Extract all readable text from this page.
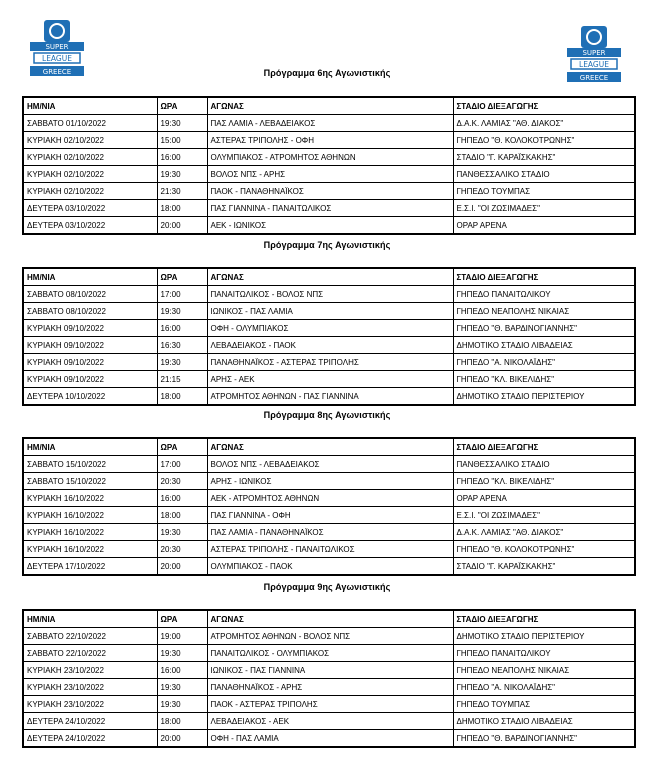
SUPER
LEAGUE
GREECE
SUPER
LEAGUE
GREECE
Πρόγραμμα 6ης Αγωνιστικής
ΗΜ/ΝΙΑ	ΩΡΑ	ΑΓΩΝΑΣ	ΣΤΑΔΙΟ ΔΙΕΞΑΓΩΓΗΣ
ΣΑΒΒΑΤΟ 01/10/2022	19:30	ΠΑΣ ΛΑΜΙΑ - ΛΕΒΑΔΕΙΑΚΟΣ	Δ.Α.Κ. ΛΑΜΙΑΣ "ΑΘ. ΔΙΑΚΟΣ"
ΚΥΡΙΑΚΗ 02/10/2022	15:00	ΑΣΤΕΡΑΣ ΤΡΙΠΟΛΗΣ - ΟΦΗ	ΓΗΠΕΔΟ "Θ. ΚΟΛΟΚΟΤΡΩΝΗΣ"
ΚΥΡΙΑΚΗ 02/10/2022	16:00	ΟΛΥΜΠΙΑΚΟΣ - ΑΤΡΟΜΗΤΟΣ ΑΘΗΝΩΝ	ΣΤΑΔΙΟ "Γ. ΚΑΡΑΪΣΚΑΚΗΣ"
ΚΥΡΙΑΚΗ 02/10/2022	19:30	ΒΟΛΟΣ ΝΠΣ - ΑΡΗΣ	ΠΑΝΘΕΣΣΑΛΙΚΟ ΣΤΑΔΙΟ
ΚΥΡΙΑΚΗ 02/10/2022	21:30	ΠΑΟΚ - ΠΑΝΑΘΗΝΑΪΚΟΣ	ΓΗΠΕΔΟ ΤΟΥΜΠΑΣ
ΔΕΥΤΕΡΑ 03/10/2022	18:00	ΠΑΣ ΓΙΑΝΝΙΝΑ - ΠΑΝΑΙΤΩΛΙΚΟΣ	Ε.Σ.Ι. "ΟΙ ΖΩΣΙΜΑΔΕΣ"
ΔΕΥΤΕΡΑ 03/10/2022	20:00	ΑΕΚ - ΙΩΝΙΚΟΣ	ΟΡΑΡ ΑΡΕΝΑ
Πρόγραμμα 7ης Αγωνιστικής
ΗΜ/ΝΙΑ	ΩΡΑ	ΑΓΩΝΑΣ	ΣΤΑΔΙΟ ΔΙΕΞΑΓΩΓΗΣ
ΣΑΒΒΑΤΟ 08/10/2022	17:00	ΠΑΝΑΙΤΩΛΙΚΟΣ - ΒΟΛΟΣ ΝΠΣ	ΓΗΠΕΔΟ ΠΑΝΑΙΤΩΛΙΚΟΥ
ΣΑΒΒΑΤΟ 08/10/2022	19:30	ΙΩΝΙΚΟΣ - ΠΑΣ ΛΑΜΙΑ	ΓΗΠΕΔΟ ΝΕΑΠΟΛΗΣ ΝΙΚΑΙΑΣ
ΚΥΡΙΑΚΗ 09/10/2022	16:00	ΟΦΗ - ΟΛΥΜΠΙΑΚΟΣ	ΓΗΠΕΔΟ "Θ. ΒΑΡΔΙΝΟΓΙΑΝΝΗΣ"
ΚΥΡΙΑΚΗ 09/10/2022	16:30	ΛΕΒΑΔΕΙΑΚΟΣ - ΠΑΟΚ	ΔΗΜΟΤΙΚΟ ΣΤΑΔΙΟ ΛΙΒΑΔΕΙΑΣ
ΚΥΡΙΑΚΗ 09/10/2022	19:30	ΠΑΝΑΘΗΝΑΪΚΟΣ - ΑΣΤΕΡΑΣ ΤΡΙΠΟΛΗΣ	ΓΗΠΕΔΟ "Α. ΝΙΚΟΛΑΪΔΗΣ"
ΚΥΡΙΑΚΗ 09/10/2022	21:15	ΑΡΗΣ - ΑΕΚ	ΓΗΠΕΔΟ "ΚΛ. ΒΙΚΕΛΙΔΗΣ"
ΔΕΥΤΕΡΑ 10/10/2022	18:00	ΑΤΡΟΜΗΤΟΣ ΑΘΗΝΩΝ - ΠΑΣ ΓΙΑΝΝΙΝΑ	ΔΗΜΟΤΙΚΟ ΣΤΑΔΙΟ ΠΕΡΙΣΤΕΡΙΟΥ
Πρόγραμμα 8ης Αγωνιστικής
ΗΜ/ΝΙΑ	ΩΡΑ	ΑΓΩΝΑΣ	ΣΤΑΔΙΟ ΔΙΕΞΑΓΩΓΗΣ
ΣΑΒΒΑΤΟ 15/10/2022	17:00	ΒΟΛΟΣ ΝΠΣ - ΛΕΒΑΔΕΙΑΚΟΣ	ΠΑΝΘΕΣΣΑΛΙΚΟ ΣΤΑΔΙΟ
ΣΑΒΒΑΤΟ 15/10/2022	20:30	ΑΡΗΣ - ΙΩΝΙΚΟΣ	ΓΗΠΕΔΟ "ΚΛ. ΒΙΚΕΛΙΔΗΣ"
ΚΥΡΙΑΚΗ 16/10/2022	16:00	ΑΕΚ - ΑΤΡΟΜΗΤΟΣ ΑΘΗΝΩΝ	ΟΡΑΡ ΑΡΕΝΑ
ΚΥΡΙΑΚΗ 16/10/2022	18:00	ΠΑΣ ΓΙΑΝΝΙΝΑ - ΟΦΗ	Ε.Σ.Ι. "ΟΙ ΖΩΣΙΜΑΔΕΣ"
ΚΥΡΙΑΚΗ 16/10/2022	19:30	ΠΑΣ ΛΑΜΙΑ - ΠΑΝΑΘΗΝΑΪΚΟΣ	Δ.Α.Κ. ΛΑΜΙΑΣ "ΑΘ. ΔΙΑΚΟΣ"
ΚΥΡΙΑΚΗ 16/10/2022	20:30	ΑΣΤΕΡΑΣ ΤΡΙΠΟΛΗΣ - ΠΑΝΑΙΤΩΛΙΚΟΣ	ΓΗΠΕΔΟ "Θ. ΚΟΛΟΚΟΤΡΩΝΗΣ"
ΔΕΥΤΕΡΑ 17/10/2022	20:00	ΟΛΥΜΠΙΑΚΟΣ - ΠΑΟΚ	ΣΤΑΔΙΟ "Γ. ΚΑΡΑΪΣΚΑΚΗΣ"
Πρόγραμμα 9ης Αγωνιστικής
ΗΜ/ΝΙΑ	ΩΡΑ	ΑΓΩΝΑΣ	ΣΤΑΔΙΟ ΔΙΕΞΑΓΩΓΗΣ
ΣΑΒΒΑΤΟ 22/10/2022	19:00	ΑΤΡΟΜΗΤΟΣ ΑΘΗΝΩΝ - ΒΟΛΟΣ ΝΠΣ	ΔΗΜΟΤΙΚΟ ΣΤΑΔΙΟ ΠΕΡΙΣΤΕΡΙΟΥ
ΣΑΒΒΑΤΟ 22/10/2022	19:30	ΠΑΝΑΙΤΩΛΙΚΟΣ - ΟΛΥΜΠΙΑΚΟΣ	ΓΗΠΕΔΟ ΠΑΝΑΙΤΩΛΙΚΟΥ
ΚΥΡΙΑΚΗ 23/10/2022	16:00	ΙΩΝΙΚΟΣ - ΠΑΣ ΓΙΑΝΝΙΝΑ	ΓΗΠΕΔΟ ΝΕΑΠΟΛΗΣ ΝΙΚΑΙΑΣ
ΚΥΡΙΑΚΗ 23/10/2022	19:30	ΠΑΝΑΘΗΝΑΪΚΟΣ - ΑΡΗΣ	ΓΗΠΕΔΟ "Α. ΝΙΚΟΛΑΪΔΗΣ"
ΚΥΡΙΑΚΗ 23/10/2022	19:30	ΠΑΟΚ - ΑΣΤΕΡΑΣ ΤΡΙΠΟΛΗΣ	ΓΗΠΕΔΟ ΤΟΥΜΠΑΣ
ΔΕΥΤΕΡΑ 24/10/2022	18:00	ΛΕΒΑΔΕΙΑΚΟΣ - ΑΕΚ	ΔΗΜΟΤΙΚΟ ΣΤΑΔΙΟ ΛΙΒΑΔΕΙΑΣ
ΔΕΥΤΕΡΑ 24/10/2022	20:00	ΟΦΗ - ΠΑΣ ΛΑΜΙΑ	ΓΗΠΕΔΟ "Θ. ΒΑΡΔΙΝΟΓΙΑΝΝΗΣ"
